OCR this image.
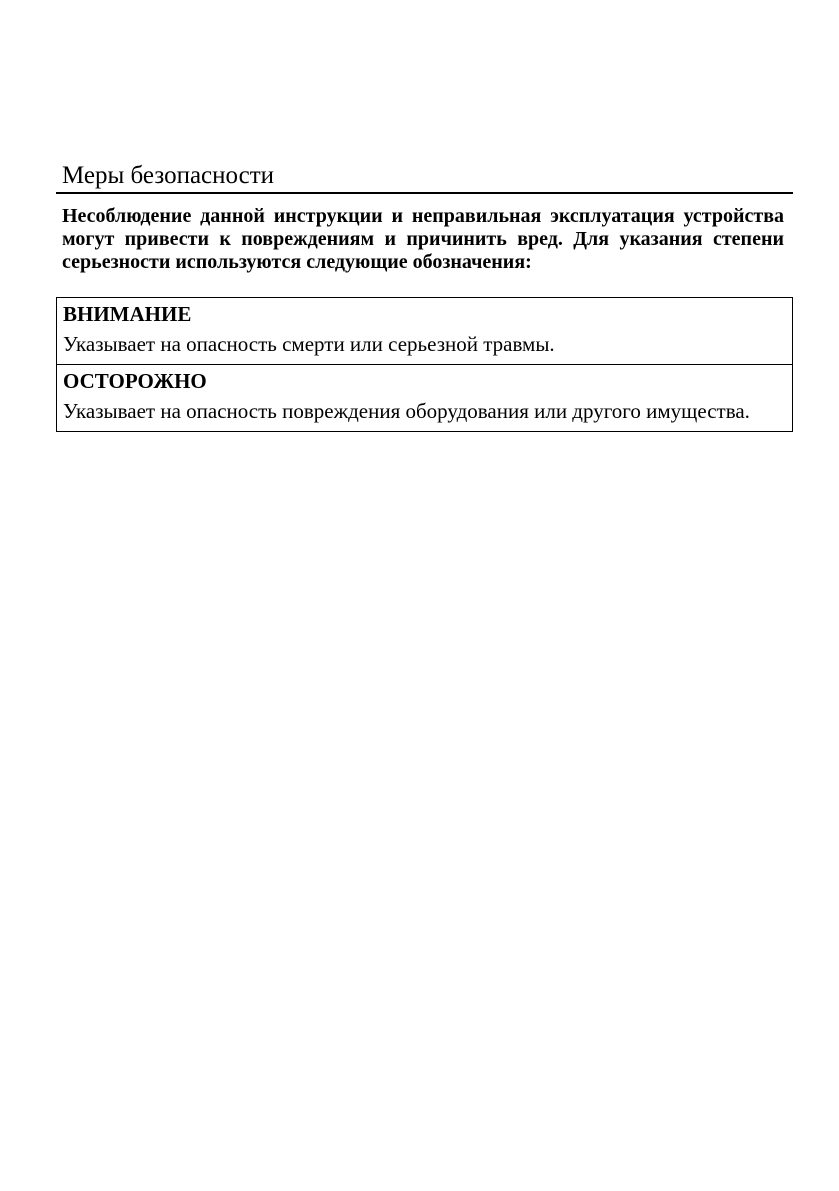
Меры безопасности

Несоблюдение данной инструкции и неправильная эксплуатация устройства могут привести к повреждениям и причинить вред. Для указания степени серьезности используются следующие обозначения:

ВНИМАНИЕ
Указывает на опасность смерти или серьезной травмы.
ОСТОРОЖНО
Указывает на опасность повреждения оборудования или другого имущества.
